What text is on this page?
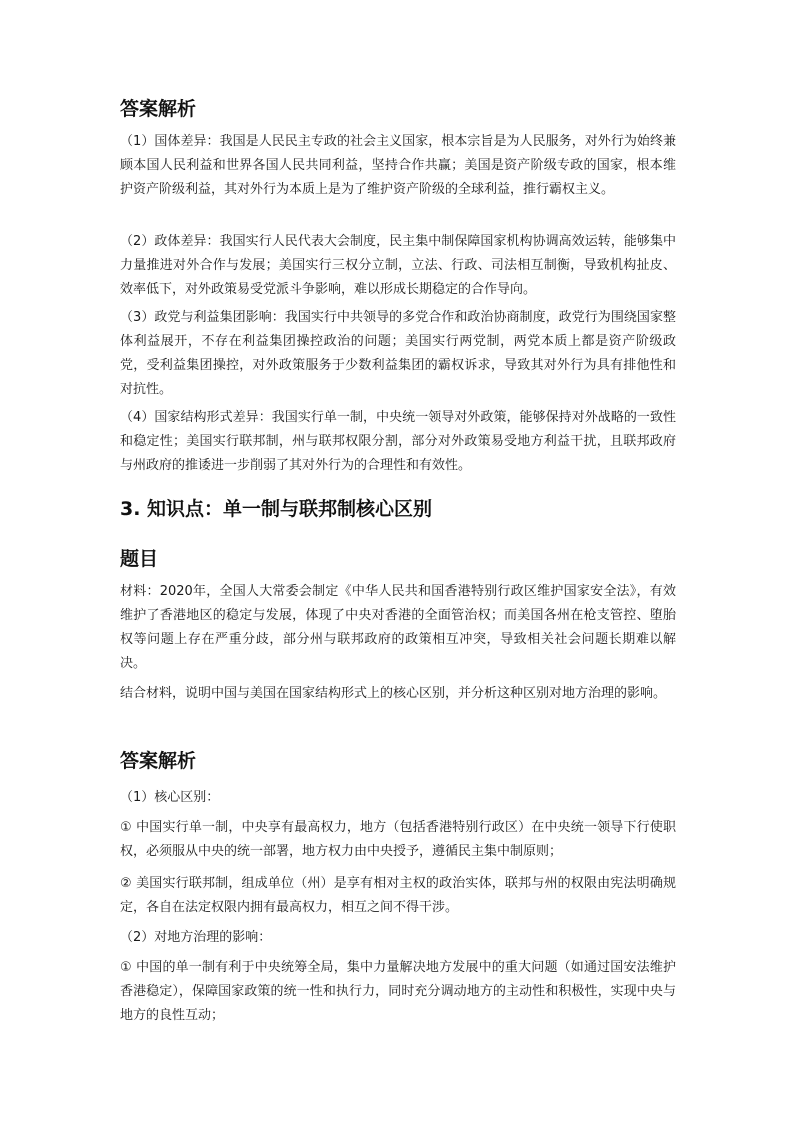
答案解析

（1）国体差异：我国是人民民主专政的社会主义国家，根本宗旨是为人民服务，对外行为始终兼顾本国人民利益和世界各国人民共同利益，坚持合作共赢；美国是资产阶级专政的国家，根本维护资产阶级利益，其对外行为本质上是为了维护资产阶级的全球利益，推行霸权主义。

（2）政体差异：我国实行人民代表大会制度，民主集中制保障国家机构协调高效运转，能够集中力量推进对外合作与发展；美国实行三权分立制，立法、行政、司法相互制衡，导致机构扯皮、效率低下，对外政策易受党派斗争影响，难以形成长期稳定的合作导向。

（3）政党与利益集团影响：我国实行中共领导的多党合作和政治协商制度，政党行为围绕国家整体利益展开，不存在利益集团操控政治的问题；美国实行两党制，两党本质上都是资产阶级政党，受利益集团操控，对外政策服务于少数利益集团的霸权诉求，导致其对外行为具有排他性和对抗性。

（4）国家结构形式差异：我国实行单一制，中央统一领导对外政策，能够保持对外战略的一致性和稳定性；美国实行联邦制，州与联邦权限分割，部分对外政策易受地方利益干扰，且联邦政府与州政府的推诿进一步削弱了其对外行为的合理性和有效性。

3. 知识点：单一制与联邦制核心区别

题目

材料：2020年，全国人大常委会制定《中华人民共和国香港特别行政区维护国家安全法》，有效维护了香港地区的稳定与发展，体现了中央对香港的全面管治权；而美国各州在枪支管控、堕胎权等问题上存在严重分歧，部分州与联邦政府的政策相互冲突，导致相关社会问题长期难以解决。

结合材料，说明中国与美国在国家结构形式上的核心区别，并分析这种区别对地方治理的影响。

答案解析

（1）核心区别：

① 中国实行单一制，中央享有最高权力，地方（包括香港特别行政区）在中央统一领导下行使职权，必须服从中央的统一部署，地方权力由中央授予，遵循民主集中制原则；

② 美国实行联邦制，组成单位（州）是享有相对主权的政治实体，联邦与州的权限由宪法明确规定，各自在法定权限内拥有最高权力，相互之间不得干涉。

（2）对地方治理的影响：

① 中国的单一制有利于中央统筹全局，集中力量解决地方发展中的重大问题（如通过国安法维护香港稳定），保障国家政策的统一性和执行力，同时充分调动地方的主动性和积极性，实现中央与地方的良性互动；
